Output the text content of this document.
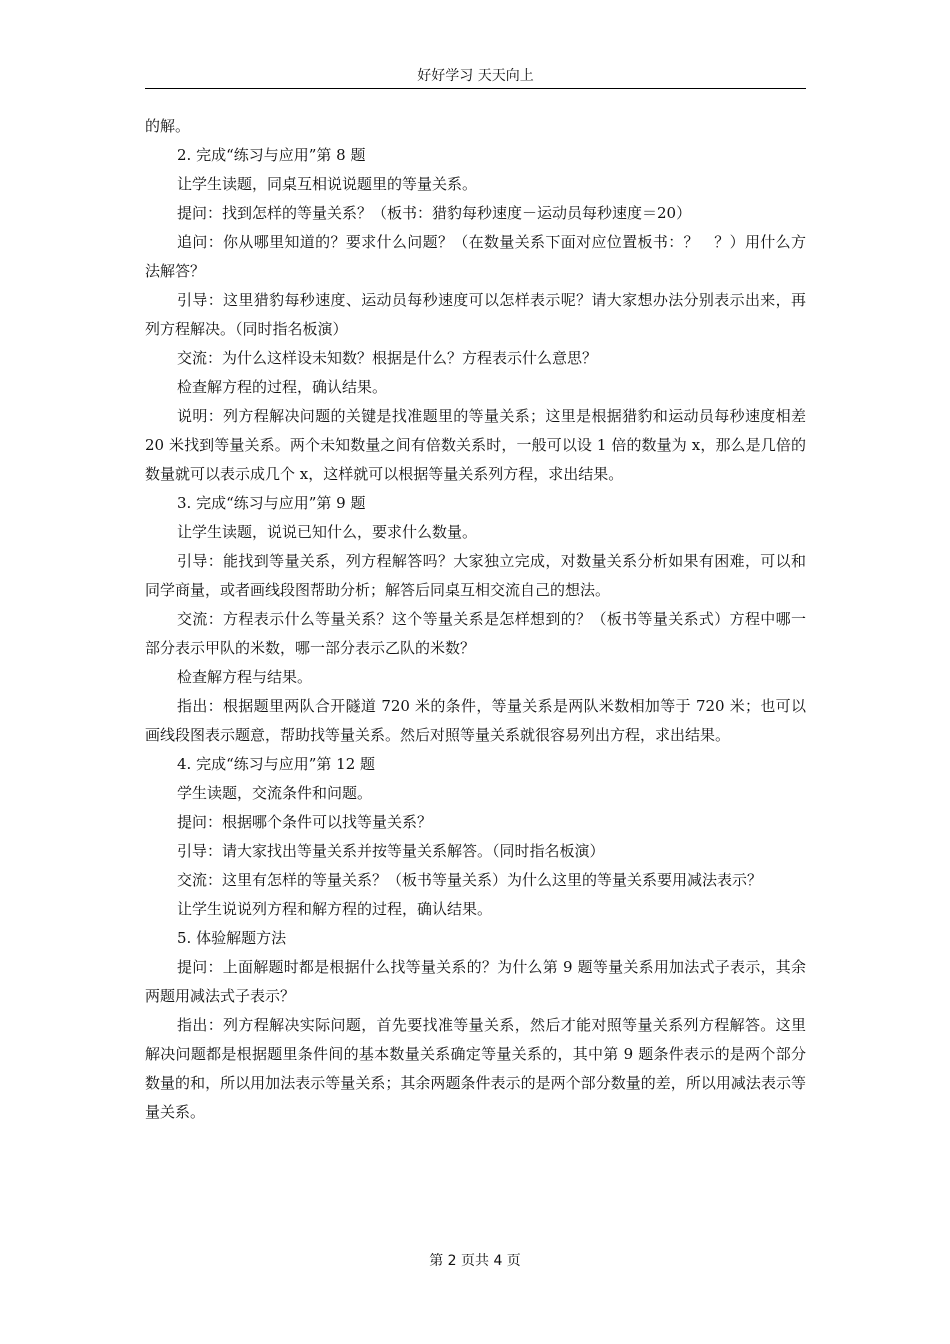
好好学习 天天向上

的解。

2. 完成“练习与应用”第 8 题

让学生读题，同桌互相说说题里的等量关系。

提问：找到怎样的等量关系？（板书：猎豹每秒速度－运动员每秒速度＝20）

追问：你从哪里知道的？要求什么问题？（在数量关系下面对应位置板书：？　？）用什么方法解答？

引导：这里猎豹每秒速度、运动员每秒速度可以怎样表示呢？请大家想办法分别表示出来，再列方程解决。（同时指名板演）

交流：为什么这样设未知数？根据是什么？方程表示什么意思？

检查解方程的过程，确认结果。

说明：列方程解决问题的关键是找准题里的等量关系；这里是根据猎豹和运动员每秒速度相差 20 米找到等量关系。两个未知数量之间有倍数关系时，一般可以设 1 倍的数量为 x，那么是几倍的数量就可以表示成几个 x，这样就可以根据等量关系列方程，求出结果。

3. 完成“练习与应用”第 9 题

让学生读题，说说已知什么，要求什么数量。

引导：能找到等量关系，列方程解答吗？大家独立完成，对数量关系分析如果有困难，可以和同学商量，或者画线段图帮助分析；解答后同桌互相交流自己的想法。

交流：方程表示什么等量关系？这个等量关系是怎样想到的？（板书等量关系式）方程中哪一部分表示甲队的米数，哪一部分表示乙队的米数？

检查解方程与结果。

指出：根据题里两队合开隧道 720 米的条件，等量关系是两队米数相加等于 720 米；也可以画线段图表示题意，帮助找等量关系。然后对照等量关系就很容易列出方程，求出结果。

4. 完成“练习与应用”第 12 题

学生读题，交流条件和问题。

提问：根据哪个条件可以找等量关系？

引导：请大家找出等量关系并按等量关系解答。（同时指名板演）

交流：这里有怎样的等量关系？（板书等量关系）为什么这里的等量关系要用减法表示？

让学生说说列方程和解方程的过程，确认结果。

5. 体验解题方法

提问：上面解题时都是根据什么找等量关系的？为什么第 9 题等量关系用加法式子表示，其余两题用减法式子表示？

指出：列方程解决实际问题，首先要找准等量关系，然后才能对照等量关系列方程解答。这里解决问题都是根据题里条件间的基本数量关系确定等量关系的，其中第 9 题条件表示的是两个部分数量的和，所以用加法表示等量关系；其余两题条件表示的是两个部分数量的差，所以用减法表示等量关系。

第 2 页共 4 页
